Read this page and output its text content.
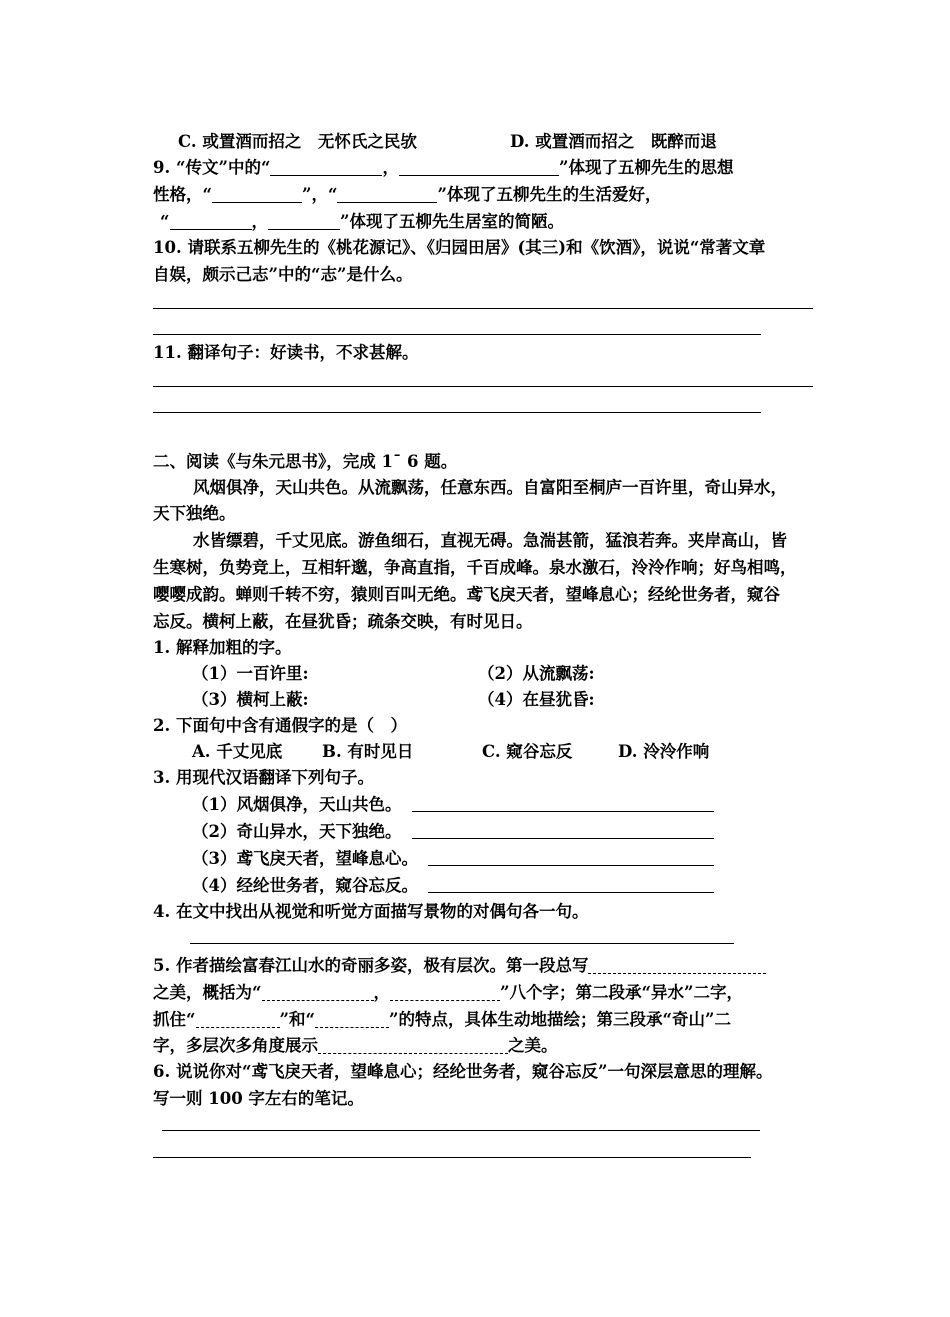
C. 或置酒而招之　无怀氏之民欤	D. 或置酒而招之　既醉而退
9. “传文”中的“	，	”体现了五柳先生的思想
性格，“	”，“	”体现了五柳先生的生活爱好，
“	，	”体现了五柳先生居室的简陋。
10. 请联系五柳先生的《桃花源记》、《归园田居》(其三)和《饮酒》，说说“常著文章
自娱，颇示己志”中的“志”是什么。
11. 翻译句子：好读书，不求甚解。
二、阅读《与朱元思书》，完成 1¯ 6 题。
风烟俱净，天山共色。从流飘荡，任意东西。自富阳至桐庐一百许里，奇山异水，
天下独绝。
水皆缥碧，千丈见底。游鱼细石，直视无碍。急湍甚箭，猛浪若奔。夹岸高山，皆
生寒树，负势竞上，互相轩邈，争高直指，千百成峰。泉水激石，泠泠作响；好鸟相鸣，
嘤嘤成韵。蝉则千转不穷，猿则百叫无绝。鸢飞戾天者，望峰息心；经纶世务者，窥谷
忘反。横柯上蔽，在昼犹昏；疏条交映，有时见日。
1. 解释加粗的字。
（1）一百许里:	（2）从流飘荡:
（3）横柯上蔽:	（4）在昼犹昏:
2. 下面句中含有通假字的是（　）
A. 千丈见底 B. 有时见日	C. 窥谷忘反	D. 泠泠作响
3. 用现代汉语翻译下列句子。
（1）风烟俱净，天山共色。
（2）奇山异水，天下独绝。
（3）鸢飞戾天者，望峰息心。
（4）经纶世务者，窥谷忘反。
4. 在文中找出从视觉和听觉方面描写景物的对偶句各一句。
5. 作者描绘富春江山水的奇丽多姿，极有层次。第一段总写
之美，概括为“	，	”八个字；第二段承“异水”二字，
抓住“	”和“	”的特点，具体生动地描绘；第三段承“奇山”二
字，多层次多角度展示	之美。
6. 说说你对“鸢飞戾天者，望峰息心；经纶世务者，窥谷忘反”一句深层意思的理解。
写一则 100 字左右的笔记。
